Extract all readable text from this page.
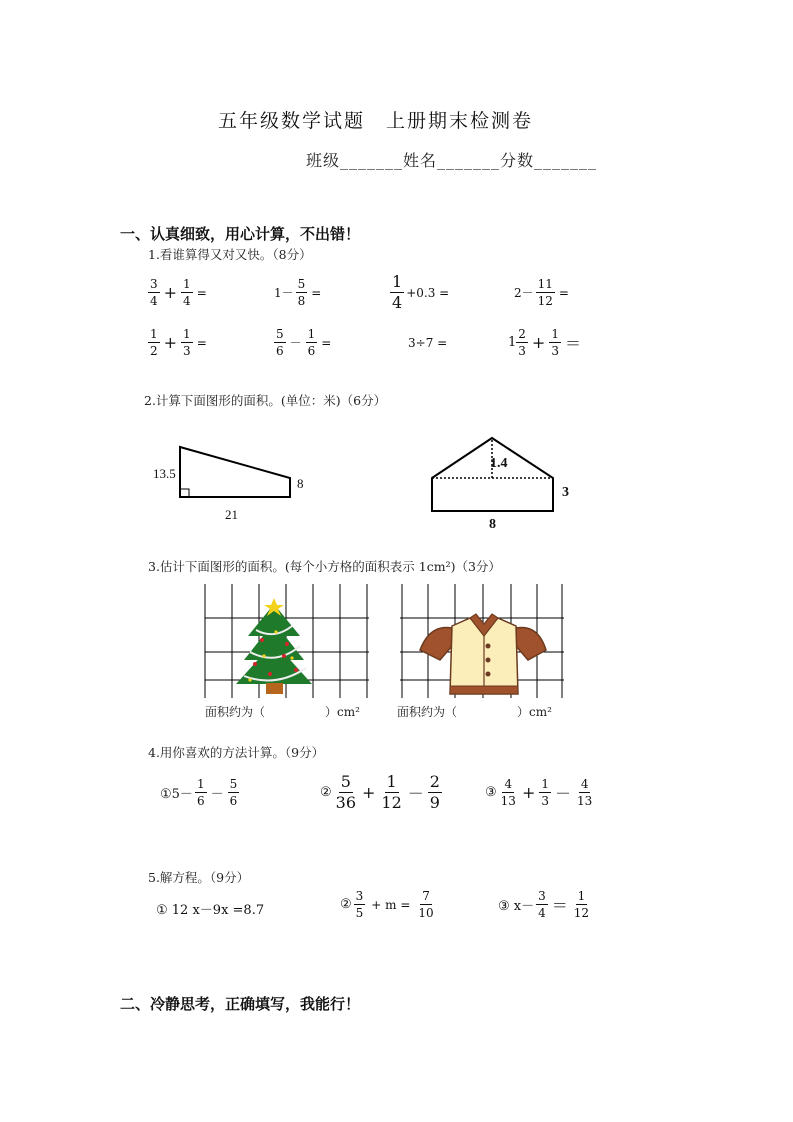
五年级数学试题　上册期末检测卷
班级_______姓名_______分数_______
一、认真细致，用心计算，不出错！
1.看谁算得又对又快。（8分）
$\frac{3}{4} + \frac{1}{4}$ =	$1- \frac{5}{8}$ =	$\frac{1}{4} +0.3$ =	$2- \frac{11}{12}$ =
$\frac{1}{2} + \frac{1}{3}$ =	$\frac{5}{6} - \frac{1}{6}$ =	3÷7 =	$1 \frac{2}{3} + \frac{1}{3}$ ＝
2.计算下面图形的面积。(单位：米)（6分）
13.5
8
21
1.4
3
8
3.估计下面图形的面积。(每个小方格的面积表示 1cm²)（3分）
面积约为（　　　　　）cm²	面积约为（　　　　　）cm²
4.用你喜欢的方法计算。（9分）
①5－ $\frac{1}{6} - \frac{5}{6}$	② $\frac{5}{36} + \frac{1}{12} - \frac{2}{9}$	③ $\frac{4}{13} + \frac{1}{3} - \frac{4}{13}$
5.解方程。（9分）
① 12 x－9x =8.7	② $\frac{3}{5} + m = \frac{7}{10}$	③ $x- \frac{3}{4} = \frac{1}{12}$
二、冷静思考，正确填写，我能行！
